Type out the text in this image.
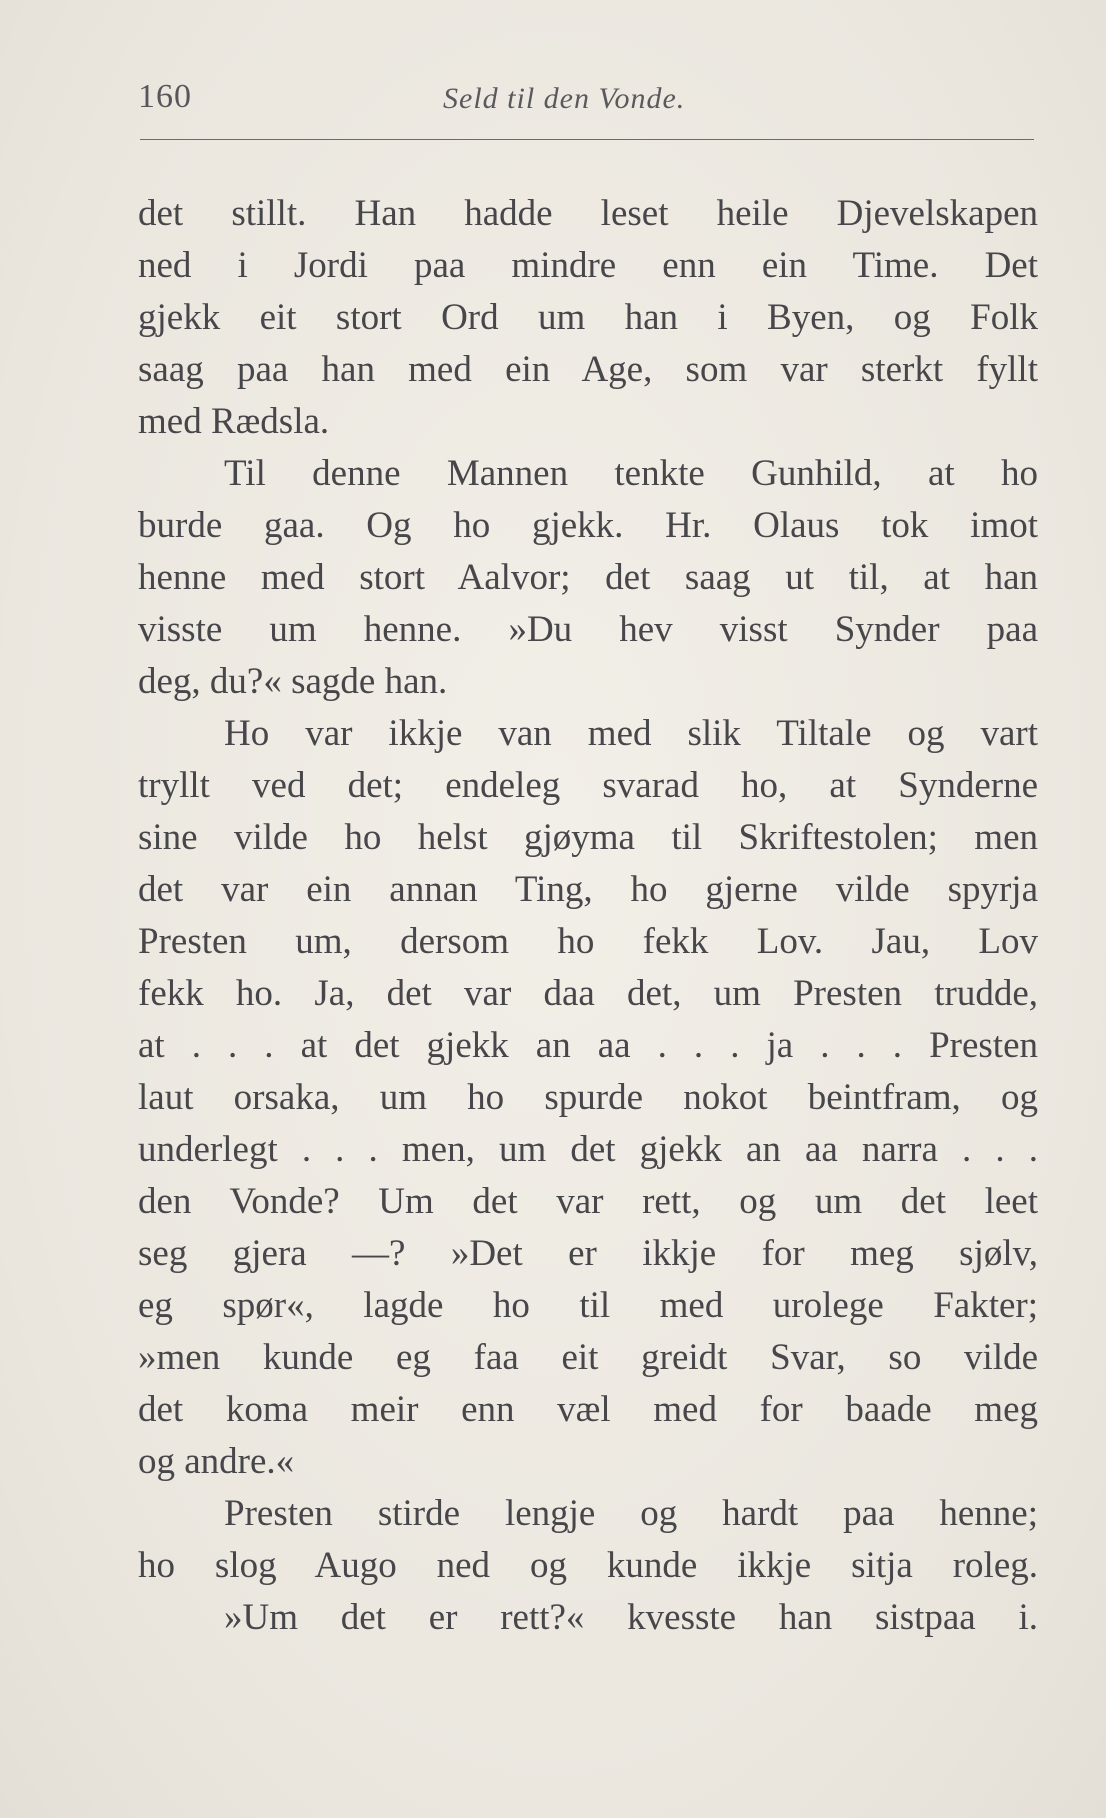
160	Seld til den Vonde.
det stillt. Han hadde leset heile Djevelskapen
ned i Jordi paa mindre enn ein Time. Det
gjekk eit stort Ord um han i Byen, og Folk
saag paa han med ein Age, som var sterkt fyllt
med Rædsla.
Til denne Mannen tenkte Gunhild, at ho
burde gaa. Og ho gjekk. Hr. Olaus tok imot
henne med stort Aalvor; det saag ut til, at han
visste um henne. »Du hev visst Synder paa
deg, du?« sagde han.
Ho var ikkje van med slik Tiltale og vart
tryllt ved det; endeleg svarad ho, at Synderne
sine vilde ho helst gjøyma til Skriftestolen; men
det var ein annan Ting, ho gjerne vilde spyrja
Presten um, dersom ho fekk Lov. Jau, Lov
fekk ho. Ja, det var daa det, um Presten trudde,
at . . . at det gjekk an aa . . . ja . . . Presten
laut orsaka, um ho spurde nokot beintfram, og
underlegt . . . men, um det gjekk an aa narra . . .
den Vonde? Um det var rett, og um det leet
seg gjera —? »Det er ikkje for meg sjølv,
eg spør«, lagde ho til med urolege Fakter;
»men kunde eg faa eit greidt Svar, so vilde
det koma meir enn væl med for baade meg
og andre.«
Presten stirde lengje og hardt paa henne;
ho slog Augo ned og kunde ikkje sitja roleg.
»Um det er rett?« kvesste han sistpaa i.
